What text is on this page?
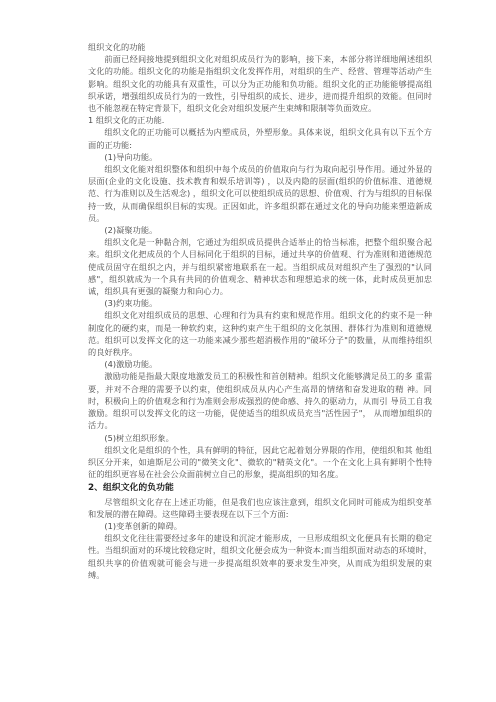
组织文化的功能

前面已经间接地提到组织文化对组织成员行为的影响，接下来，本部分将详细地阐述组织文化的功能。组织文化的功能是指组织文化发挥作用，对组织的生产、经营、管理等活动产生影响。组织文化的功能具有双重性，可以分为正功能和负功能。组织文化的正功能能够提高组织承诺，增强组织成员行为的一致性，引导组织的成长、进步，进而提升组织的效能。但同时也不能忽视在特定背景下，组织文化会对组织发展产生束缚和限制等负面效应。

1 组织文化的正功能.

组织文化的正功能可以概括为内塑成员，外塑形象。具体来说，组织文化具有以下五个方面的正功能:

(1)导向功能。

组织文化能对组织整体和组织中每个成员的价值取向与行为取向起引导作用。通过外显的层面(企业的文化设施、技术教育和娱乐培训等) ，以及内隐的层面(组织的价值标准、道德规范、行为准则以及生活观念) ，组织文化可以使组织成员的思想、价值观、行为与组织的目标保持一致，从而确保组织目标的实现。正因如此，许多组织都在通过文化的导向功能来塑造新成员。

(2)凝聚功能。

组织文化是一种黏合剂，它通过为组织成员提供合适举止的恰当标准，把整个组织聚合起来。组织文化把成员的个人目标同化于组织的目标，通过共享的价值观、行为准则和道德规范使成员固守在组织之内，并与组织紧密地联系在一起。当组织成员对组织产生了强烈的"认同感"，组织就成为一个具有共同的价值观念、精神状态和理想追求的统一体，此时成员更加忠诚，组织具有更强的凝聚力和向心力。

(3)约束功能。

组织文化对组织成员的思想、心理和行为具有约束和规范作用。组织文化的约束不是一种制度化的硬约束，而是一种软约束，这种约束产生于组织的文化氛围、群体行为准则和道德规范。组织可以发挥文化的这一功能来减少那些超消极作用的"破坏分子"的数量，从而维持组织的良好秩序。

(4)激励功能。

激励功能是指最大限度地激发员工的积极性和首创精神。组织文化能够满足员工的多 重需要，并对不合理的需要予以约束，使组织成员从内心产生高昂的情绪和奋发进取的精 神。同时，积极向上的价值观念和行为准则会形成强烈的使命感、持久的驱动力，从而引 导员工自我激励。组织可以发挥文化的这一功能，促使适当的组织成员充当"活性因子"， 从而增加组织的活力。

(5)树立组织形象。

组织文化是组织的个性，具有鲜明的特征，因此它起着划分界限的作用，使组织和其 他组织区分开来，如迪斯尼公司的"微笑文化"、微软的"精英文化"。一个在文化上具有鲜明个性特征的组织更容易在社会公众面前树立自己的形象，提高组织的知名度。

2、组织文化的负功能

尽管组织文化存在上述正功能，但是我们也应该注意到，组织文化同时可能成为组织变革和发展的潜在障碍。这些障碍主要表现在以下三个方面:

(1)变革创新的障碍。

组织文化往往需要经过多年的建设和沉淀才能形成，一旦形成组织文化便具有长期的稳定性。当组织面对的环境比较稳定时，组织文化便会成为一种资本;而当组织面对动态的环境时，组织共享的价值观就可能会与进一步提高组织效率的要求发生冲突，从而成为组织发展的束缚。
